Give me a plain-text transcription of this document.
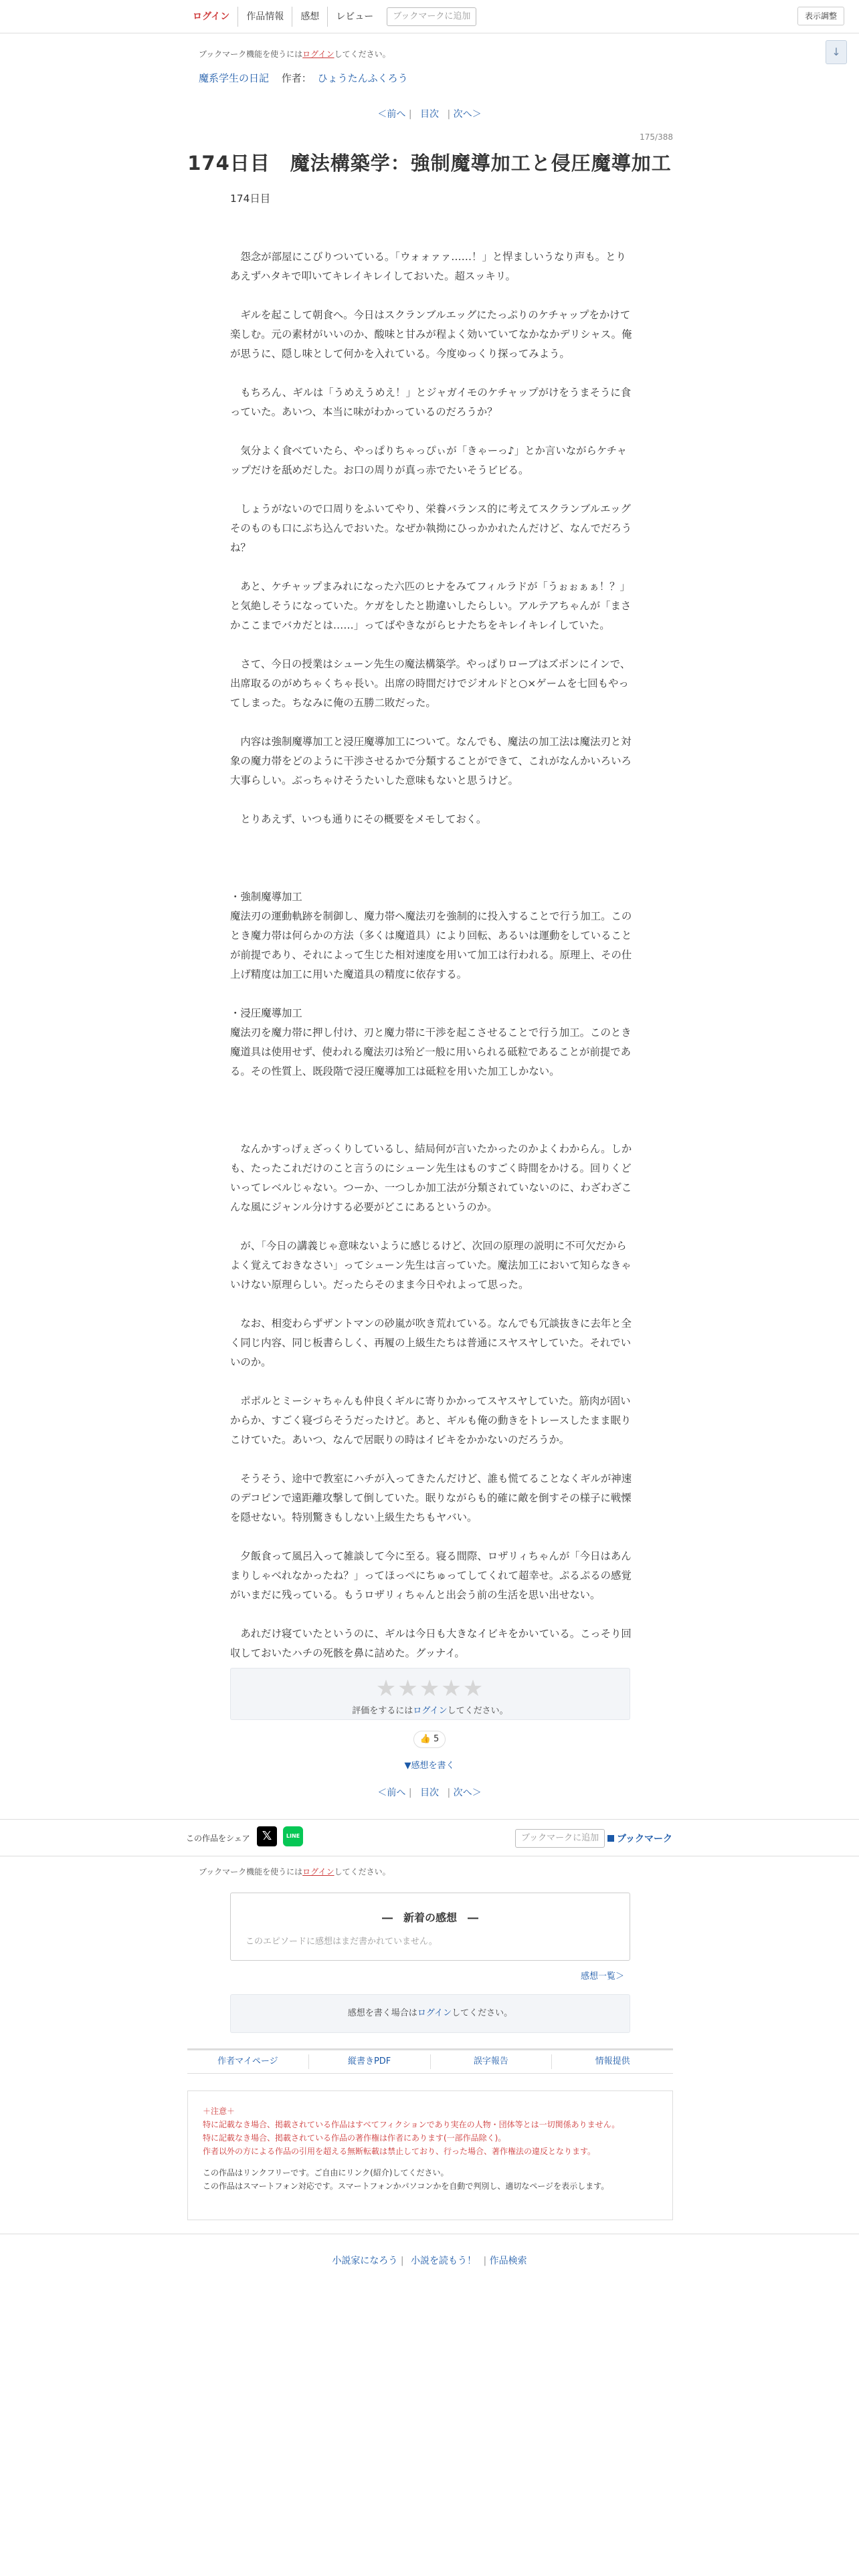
ログイン	作品情報	感想	レビュー	ブックマークに追加	表示調整
↓
ブックマーク機能を使うにはログインしてください。
魔系学生の日記 作者： ひょうたんふくろう
＜前へ | 目次 | 次へ＞
175/388
174日目　魔法構築学：強制魔導加工と侵圧魔導加工

174日目

　怨念が部屋にこびりついている。「ウォォァァ……！」と悍ましいうなり声も。とりあえずハタキで叩いてキレイキレイしておいた。超スッキリ。

　ギルを起こして朝食へ。今日はスクランブルエッグにたっぷりのケチャップをかけて楽しむ。元の素材がいいのか、酸味と甘みが程よく効いていてなかなかデリシャス。俺が思うに、隠し味として何かを入れている。今度ゆっくり探ってみよう。

　もちろん、ギルは「うめえうめえ！」とジャガイモのケチャップがけをうまそうに食っていた。あいつ、本当に味がわかっているのだろうか？

　気分よく食べていたら、やっぱりちゃっぴぃが「きゃーっ♪」とか言いながらケチャップだけを舐めだした。お口の周りが真っ赤でたいそうビビる。

　しょうがないので口周りをふいてやり、栄養バランス的に考えてスクランブルエッグそのものも口にぶち込んでおいた。なぜか執拗にひっかかれたんだけど、なんでだろうね？

　あと、ケチャップまみれになった六匹のヒナをみてフィルラドが「うぉぉぁぁ！？」と気絶しそうになっていた。ケガをしたと勘違いしたらしい。アルテアちゃんが「まさかここまでバカだとは……」ってばやきながらヒナたちをキレイキレイしていた。

　さて、今日の授業はシューン先生の魔法構築学。やっぱりローブはズボンにインで、出席取るのがめちゃくちゃ長い。出席の時間だけでジオルドと○×ゲームを七回もやってしまった。ちなみに俺の五勝二敗だった。

　内容は強制魔導加工と浸圧魔導加工について。なんでも、魔法の加工法は魔法刃と対象の魔力帯をどのように干渉させるかで分類することができて、これがなんかいろいろ大事らしい。ぶっちゃけそうたいした意味もないと思うけど。

　とりあえず、いつも通りにその概要をメモしておく。

・強制魔導加工

魔法刃の運動軌跡を制御し、魔力帯へ魔法刃を強制的に投入することで行う加工。このとき魔力帯は何らかの方法（多くは魔道具）により回転、あるいは運動をしていることが前提であり、それによって生じた相対速度を用いて加工は行われる。原理上、その仕上げ精度は加工に用いた魔道具の精度に依存する。

・浸圧魔導加工

魔法刃を魔力帯に押し付け、刃と魔力帯に干渉を起こさせることで行う加工。このとき魔道具は使用せず、使われる魔法刃は殆ど一般に用いられる砥粒であることが前提である。その性質上、既段階で浸圧魔導加工は砥粒を用いた加工しかない。

　なんかすっげぇざっくりしているし、結局何が言いたかったのかよくわからん。しかも、たったこれだけのこと言うのにシューン先生はものすごく時間をかける。回りくどいってレベルじゃない。つーか、一つしか加工法が分類されていないのに、わざわざこんな風にジャンル分けする必要がどこにあるというのか。

　が、「今日の講義じゃ意味ないように感じるけど、次回の原理の説明に不可欠だからよく覚えておきなさい」ってシューン先生は言っていた。魔法加工において知らなきゃいけない原理らしい。だったらそのまま今日やれよって思った。

　なお、相変わらずザントマンの砂嵐が吹き荒れている。なんでも冗談抜きに去年と全く同じ内容、同じ板書らしく、再履の上級生たちは普通にスヤスヤしていた。それでいいのか。

　ポポルとミーシャちゃんも仲良くギルに寄りかかってスヤスヤしていた。筋肉が固いからか、すごく寝づらそうだったけど。あと、ギルも俺の動きをトレースしたまま眠りこけていた。あいつ、なんで居眠りの時はイビキをかかないのだろうか。

　そうそう、途中で教室にハチが入ってきたんだけど、誰も慌てることなくギルが神速のデコピンで遠距離攻撃して倒していた。眠りながらも的確に敵を倒すその様子に戦慄を隠せない。特別驚きもしない上級生たちもヤバい。

　夕飯食って風呂入って雑談して今に至る。寝る間際、ロザリィちゃんが「今日はあんまりしゃべれなかったね？」ってほっぺにちゅってしてくれて超幸せ。ぷるぷるの感覚がいまだに残っている。もうロザリィちゃんと出会う前の生活を思い出せない。

　あれだけ寝ていたというのに、ギルは今日も大きなイビキをかいている。こっそり回収しておいたハチの死骸を鼻に詰めた。グッナイ。

★★★★★
評価をするにはログインしてください。
👍 5
▼感想を書く
＜前へ | 目次 | 次へ＞
この作品をシェア 𝕏	LINE	ブックマークに追加	ブックマーク
ブックマーク機能を使うにはログインしてください。
―　新着の感想　―
このエピソードに感想はまだ書かれていません。
感想一覧＞
感想を書く場合はログインしてください。
作者マイページ	縦書きPDF	誤字報告	情報提供
＋注意＋
特に記載なき場合、掲載されている作品はすべてフィクションであり実在の人物・団体等とは一切関係ありません。
特に記載なき場合、掲載されている作品の著作権は作者にあります(一部作品除く)。
作者以外の方による作品の引用を超える無断転載は禁止しており、行った場合、著作権法の違反となります。
この作品はリンクフリーです。ご自由にリンク(紹介)してください。
この作品はスマートフォン対応です。スマートフォンかパソコンかを自動で判別し、適切なページを表示します。
小説家になろう | 小説を読もう！ | 作品検索
